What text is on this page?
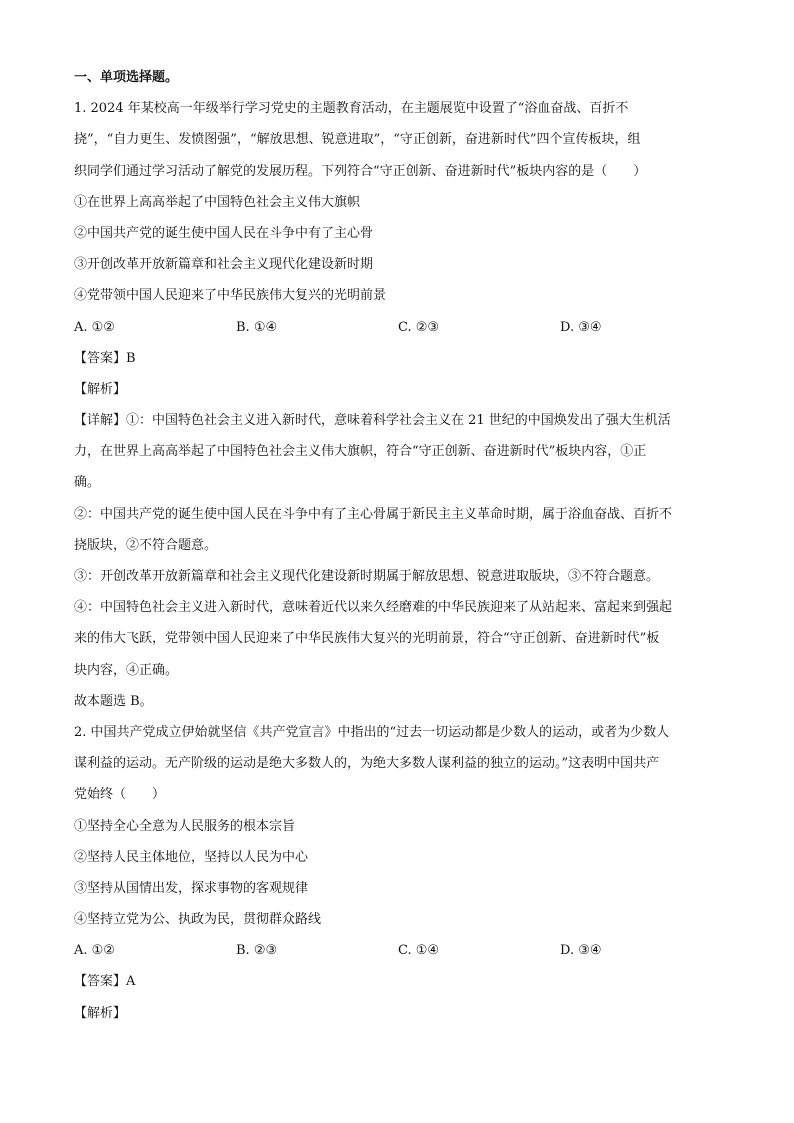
一、单项选择题。
1. 2024 年某校高一年级举行学习党史的主题教育活动，在主题展览中设置了“浴血奋战、百折不
挠”，“自力更生、发愤图强”，“解放思想、锐意进取”，“守正创新，奋进新时代”四个宣传板块，组
织同学们通过学习活动了解党的发展历程。下列符合“守正创新、奋进新时代”板块内容的是（　　）
①在世界上高高举起了中国特色社会主义伟大旗帜
②中国共产党的诞生使中国人民在斗争中有了主心骨
③开创改革开放新篇章和社会主义现代化建设新时期
④党带领中国人民迎来了中华民族伟大复兴的光明前景
A. ①②	B. ①④	C. ②③	D. ③④
【答案】B
【解析】
【详解】①：中国特色社会主义进入新时代，意味着科学社会主义在 21 世纪的中国焕发出了强大生机活
力，在世界上高高举起了中国特色社会主义伟大旗帜，符合“守正创新、奋进新时代”板块内容，①正
确。
②：中国共产党的诞生使中国人民在斗争中有了主心骨属于新民主主义革命时期，属于浴血奋战、百折不
挠版块，②不符合题意。
③：开创改革开放新篇章和社会主义现代化建设新时期属于解放思想、锐意进取版块，③不符合题意。
④：中国特色社会主义进入新时代，意味着近代以来久经磨难的中华民族迎来了从站起来、富起来到强起
来的伟大飞跃，党带领中国人民迎来了中华民族伟大复兴的光明前景，符合“守正创新、奋进新时代”板
块内容，④正确。
故本题选 B。
2. 中国共产党成立伊始就坚信《共产党宣言》中指出的“过去一切运动都是少数人的运动，或者为少数人
谋利益的运动。无产阶级的运动是绝大多数人的，为绝大多数人谋利益的独立的运动。”这表明中国共产
党始终（　　）
①坚持全心全意为人民服务的根本宗旨
②坚持人民主体地位，坚持以人民为中心
③坚持从国情出发，探求事物的客观规律
④坚持立党为公、执政为民，贯彻群众路线
A. ①②	B. ②③	C. ①④	D. ③④
【答案】A
【解析】
